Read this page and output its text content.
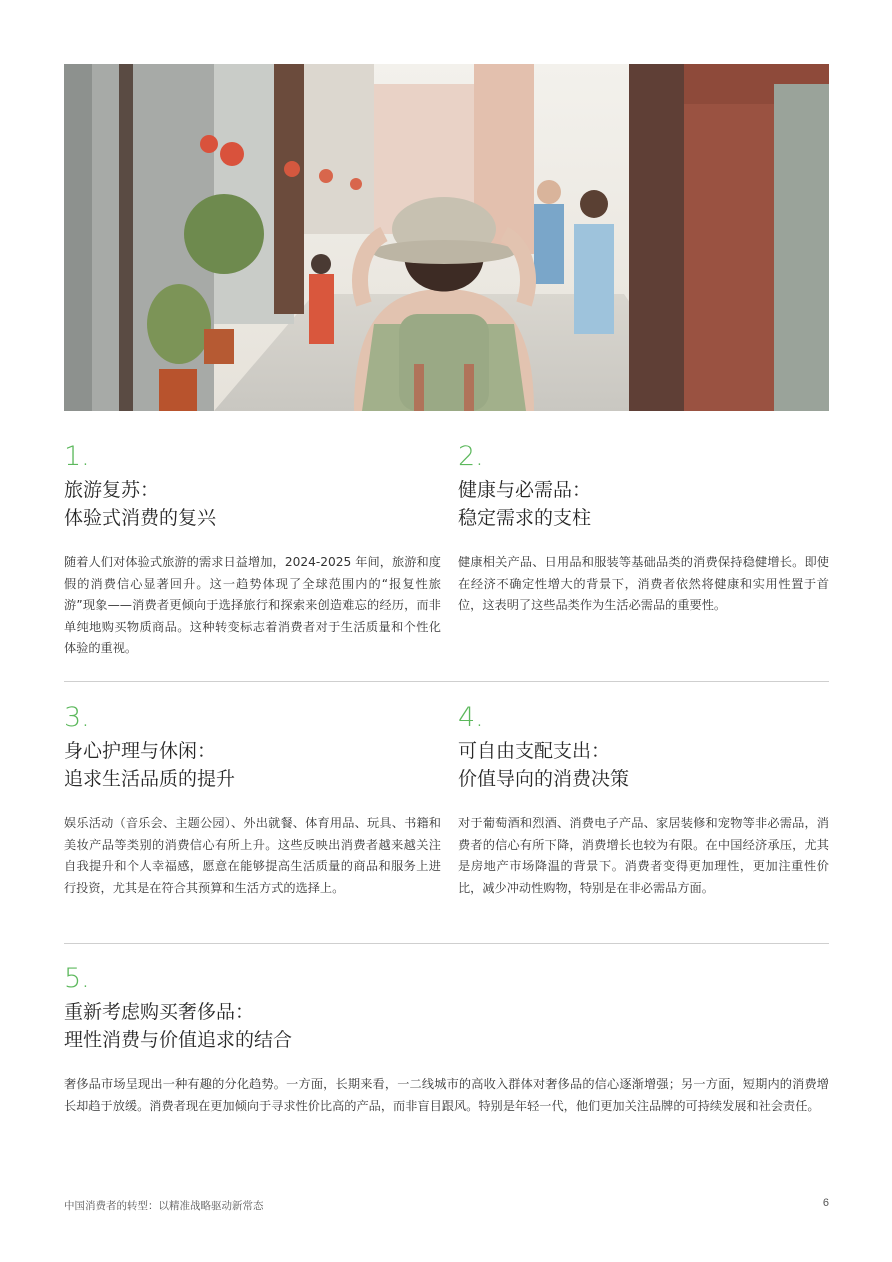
1.
旅游复苏：
体验式消费的复兴
随着人们对体验式旅游的需求日益增加，2024-2025 年间，旅游和度假的消费信心显著回升。这一趋势体现了全球范围内的“报复性旅游”现象——消费者更倾向于选择旅行和探索来创造难忘的经历，而非单纯地购买物质商品。这种转变标志着消费者对于生活质量和个性化体验的重视。
2.
健康与必需品：
稳定需求的支柱
健康相关产品、日用品和服装等基础品类的消费保持稳健增长。即使在经济不确定性增大的背景下，消费者依然将健康和实用性置于首位，这表明了这些品类作为生活必需品的重要性。
3.
身心护理与休闲：
追求生活品质的提升
娱乐活动（音乐会、主题公园）、外出就餐、体育用品、玩具、书籍和美妆产品等类别的消费信心有所上升。这些反映出消费者越来越关注自我提升和个人幸福感，愿意在能够提高生活质量的商品和服务上进行投资，尤其是在符合其预算和生活方式的选择上。
4.
可自由支配支出：
价值导向的消费决策
对于葡萄酒和烈酒、消费电子产品、家居装修和宠物等非必需品，消费者的信心有所下降，消费增长也较为有限。在中国经济承压，尤其是房地产市场降温的背景下。消费者变得更加理性，更加注重性价比，减少冲动性购物，特别是在非必需品方面。
5.
重新考虑购买奢侈品：
理性消费与价值追求的结合
奢侈品市场呈现出一种有趣的分化趋势。一方面，长期来看，一二线城市的高收入群体对奢侈品的信心逐渐增强；另一方面，短期内的消费增长却趋于放缓。消费者现在更加倾向于寻求性价比高的产品，而非盲目跟风。特别是年轻一代，他们更加关注品牌的可持续发展和社会责任。
中国消费者的转型：以精准战略驱动新常态	6
